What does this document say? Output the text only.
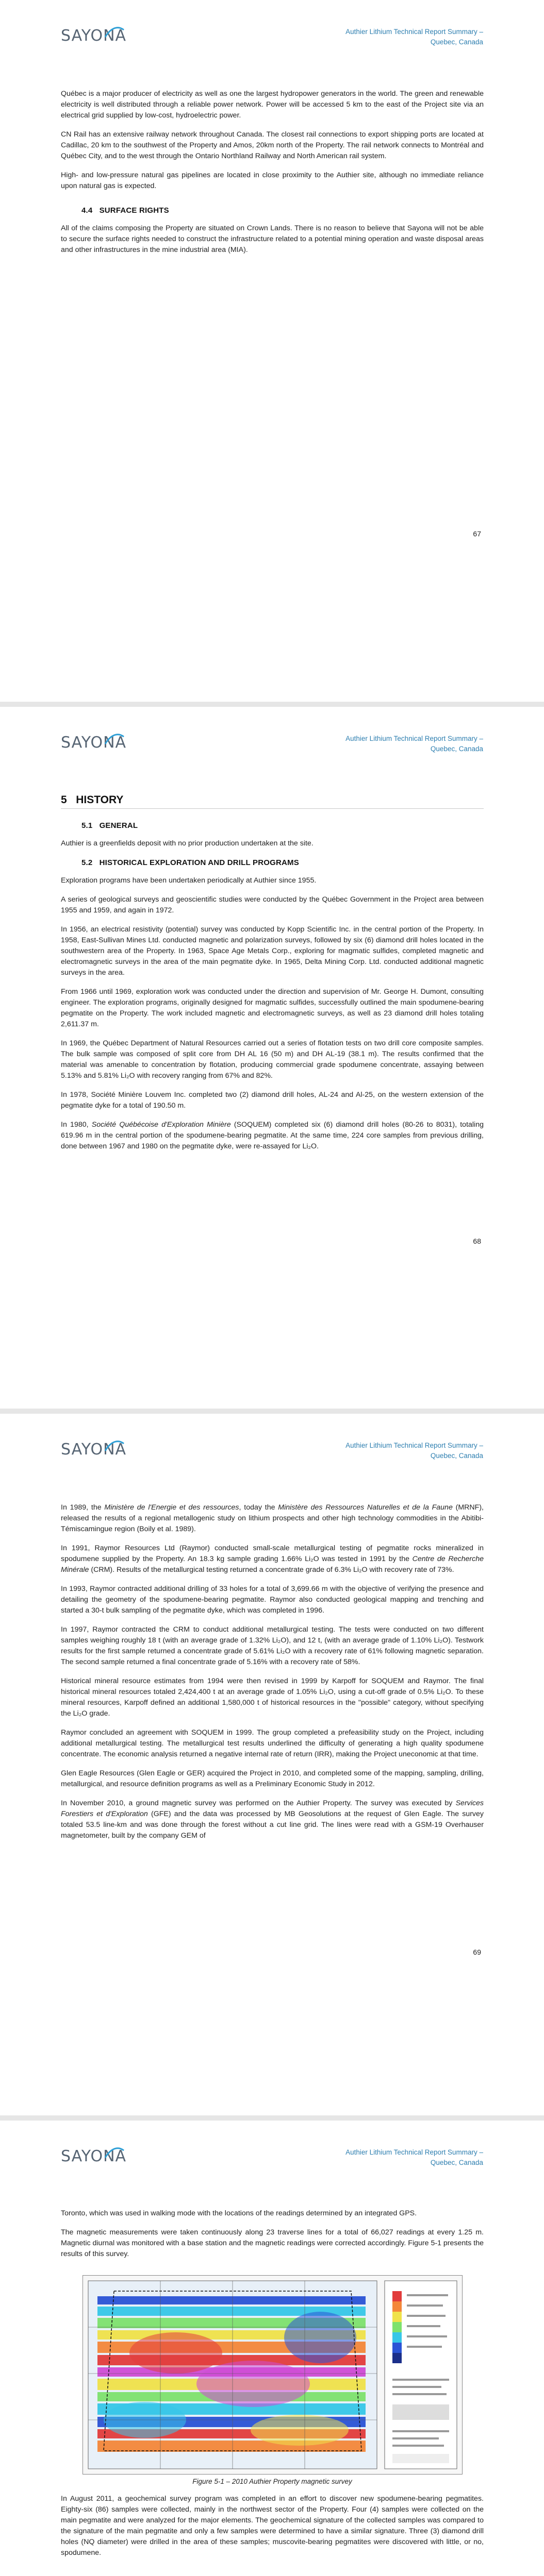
SAYONA	Authier Lithium Technical Report Summary –
Quebec, Canada

Québec is a major producer of electricity as well as one the largest hydropower generators in the world. The green and renewable electricity is well distributed through a reliable power network. Power will be accessed 5 km to the east of the Project site via an electrical grid supplied by low-cost, hydroelectric power.

CN Rail has an extensive railway network throughout Canada. The closest rail connections to export shipping ports are located at Cadillac, 20 km to the southwest of the Property and Amos, 20km north of the Property. The rail network connects to Montréal and Québec City, and to the west through the Ontario Northland Railway and North American rail system.

High- and low-pressure natural gas pipelines are located in close proximity to the Authier site, although no immediate reliance upon natural gas is expected.

4.4 SURFACE RIGHTS

All of the claims composing the Property are situated on Crown Lands. There is no reason to believe that Sayona will not be able to secure the surface rights needed to construct the infrastructure related to a potential mining operation and waste disposal areas and other infrastructures in the mine industrial area (MIA).

67
SAYONA	Authier Lithium Technical Report Summary –
Quebec, Canada
5 HISTORY
5.1 GENERAL

Authier is a greenfields deposit with no prior production undertaken at the site.

5.2 HISTORICAL EXPLORATION AND DRILL PROGRAMS

Exploration programs have been undertaken periodically at Authier since 1955.

A series of geological surveys and geoscientific studies were conducted by the Québec Government in the Project area between 1955 and 1959, and again in 1972.

In 1956, an electrical resistivity (potential) survey was conducted by Kopp Scientific Inc. in the central portion of the Property. In 1958, East-Sullivan Mines Ltd. conducted magnetic and polarization surveys, followed by six (6) diamond drill holes located in the southwestern area of the Property. In 1963, Space Age Metals Corp., exploring for magmatic sulfides, completed magnetic and electromagnetic surveys in the area of the main pegmatite dyke. In 1965, Delta Mining Corp. Ltd. conducted additional magnetic surveys in the area.

From 1966 until 1969, exploration work was conducted under the direction and supervision of Mr. George H. Dumont, consulting engineer. The exploration programs, originally designed for magmatic sulfides, successfully outlined the main spodumene-bearing pegmatite on the Property. The work included magnetic and electromagnetic surveys, as well as 23 diamond drill holes totaling 2,611.37 m.

In 1969, the Québec Department of Natural Resources carried out a series of flotation tests on two drill core composite samples. The bulk sample was composed of split core from DH AL 16 (50 m) and DH AL-19 (38.1 m). The results confirmed that the material was amenable to concentration by flotation, producing commercial grade spodumene concentrate, assaying between 5.13% and 5.81% Li₂O with recovery ranging from 67% and 82%.

In 1978, Société Minière Louvem Inc. completed two (2) diamond drill holes, AL-24 and Al-25, on the western extension of the pegmatite dyke for a total of 190.50 m.

In 1980, Société Québécoise d'Exploration Minière (SOQUEM) completed six (6) diamond drill holes (80-26 to 8031), totaling 619.96 m in the central portion of the spodumene-bearing pegmatite. At the same time, 224 core samples from previous drilling, done between 1967 and 1980 on the pegmatite dyke, were re-assayed for Li₂O.

68
SAYONA	Authier Lithium Technical Report Summary –
Quebec, Canada

In 1989, the Ministère de l'Energie et des ressources, today the Ministère des Ressources Naturelles et de la Faune (MRNF), released the results of a regional metallogenic study on lithium prospects and other high technology commodities in the Abitibi-Témiscamingue region (Boily et al. 1989).

In 1991, Raymor Resources Ltd (Raymor) conducted small-scale metallurgical testing of pegmatite rocks mineralized in spodumene supplied by the Property. An 18.3 kg sample grading 1.66% Li₂O was tested in 1991 by the Centre de Recherche Minérale (CRM). Results of the metallurgical testing returned a concentrate grade of 6.3% Li₂O with recovery rate of 73%.

In 1993, Raymor contracted additional drilling of 33 holes for a total of 3,699.66 m with the objective of verifying the presence and detailing the geometry of the spodumene-bearing pegmatite. Raymor also conducted geological mapping and trenching and started a 30-t bulk sampling of the pegmatite dyke, which was completed in 1996.

In 1997, Raymor contracted the CRM to conduct additional metallurgical testing. The tests were conducted on two different samples weighing roughly 18 t (with an average grade of 1.32% Li₂O), and 12 t, (with an average grade of 1.10% Li₂O). Testwork results for the first sample returned a concentrate grade of 5.61% Li₂O with a recovery rate of 61% following magnetic separation. The second sample returned a final concentrate grade of 5.16% with a recovery rate of 58%.

Historical mineral resource estimates from 1994 were then revised in 1999 by Karpoff for SOQUEM and Raymor. The final historical mineral resources totaled 2,424,400 t at an average grade of 1.05% Li₂O, using a cut-off grade of 0.5% Li₂O. To these mineral resources, Karpoff defined an additional 1,580,000 t of historical resources in the "possible" category, without specifying the Li₂O grade.

Raymor concluded an agreement with SOQUEM in 1999. The group completed a prefeasibility study on the Project, including additional metallurgical testing. The metallurgical test results underlined the difficulty of generating a high quality spodumene concentrate. The economic analysis returned a negative internal rate of return (IRR), making the Project uneconomic at that time.

Glen Eagle Resources (Glen Eagle or GER) acquired the Project in 2010, and completed some of the mapping, sampling, drilling, metallurgical, and resource definition programs as well as a Preliminary Economic Study in 2012.

In November 2010, a ground magnetic survey was performed on the Authier Property. The survey was executed by Services Forestiers et d'Exploration (GFE) and the data was processed by MB Geosolutions at the request of Glen Eagle. The survey totaled 53.5 line-km and was done through the forest without a cut line grid. The lines were read with a GSM-19 Overhauser magnetometer, built by the company GEM of

69
SAYONA	Authier Lithium Technical Report Summary –
Quebec, Canada

Toronto, which was used in walking mode with the locations of the readings determined by an integrated GPS.

The magnetic measurements were taken continuously along 23 traverse lines for a total of 66,027 readings at every 1.25 m. Magnetic diurnal was monitored with a base station and the magnetic readings were corrected accordingly. Figure 5-1 presents the results of this survey.

Figure 5-1 – 2010 Authier Property magnetic survey

In August 2011, a geochemical survey program was completed in an effort to discover new spodumene-bearing pegmatites. Eighty-six (86) samples were collected, mainly in the northwest sector of the Property. Four (4) samples were collected on the main pegmatite and were analyzed for the major elements. The geochemical signature of the collected samples was compared to the signature of the main pegmatite and only a few samples were determined to have a similar signature. Three (3) diamond drill holes (NQ diameter) were drilled in the area of these samples; muscovite-bearing pegmatites were discovered with little, or no, spodumene.
